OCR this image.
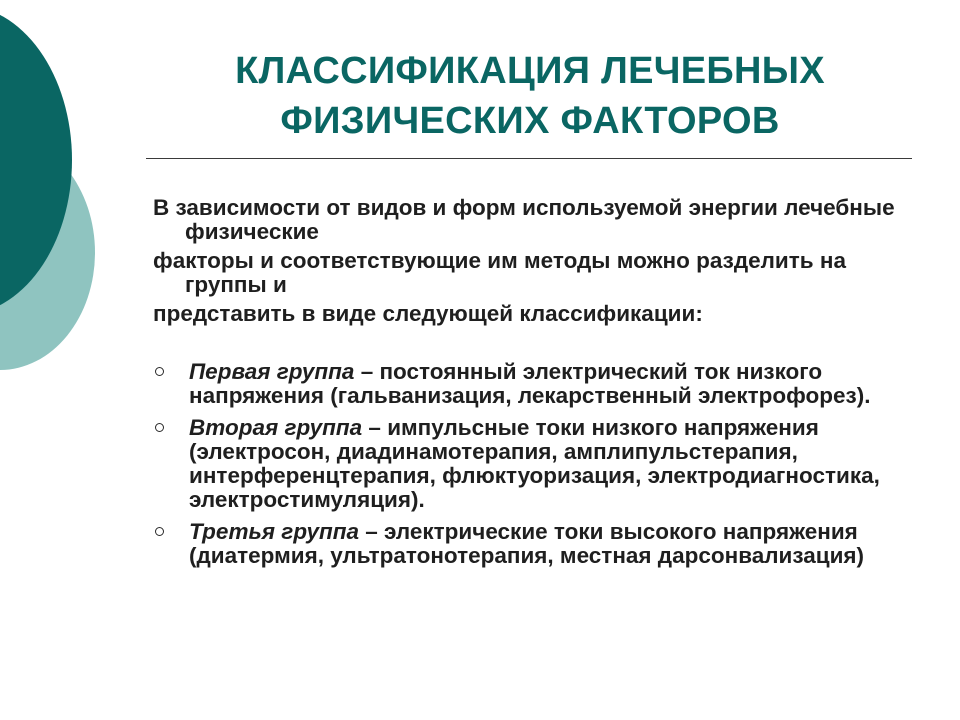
КЛАССИФИКАЦИЯ ЛЕЧЕБНЫХ
ФИЗИЧЕСКИХ ФАКТОРОВ

В зависимости от видов и форм используемой энергии лечебные физические

факторы и соответствующие им методы можно разделить на группы и

представить в виде следующей классификации:

Первая группа – постоянный электрический ток низкого напряжения (гальванизация, лекарственный электрофорез).
Вторая группа – импульсные токи низкого напряжения (электросон, диадинамотерапия, амплипульстерапия, интерференцтерапия, флюктуоризация, электродиагностика, электростимуляция).
Третья группа – электрические токи высокого напряжения (диатермия, ультратонотерапия, местная дарсонвализация)
